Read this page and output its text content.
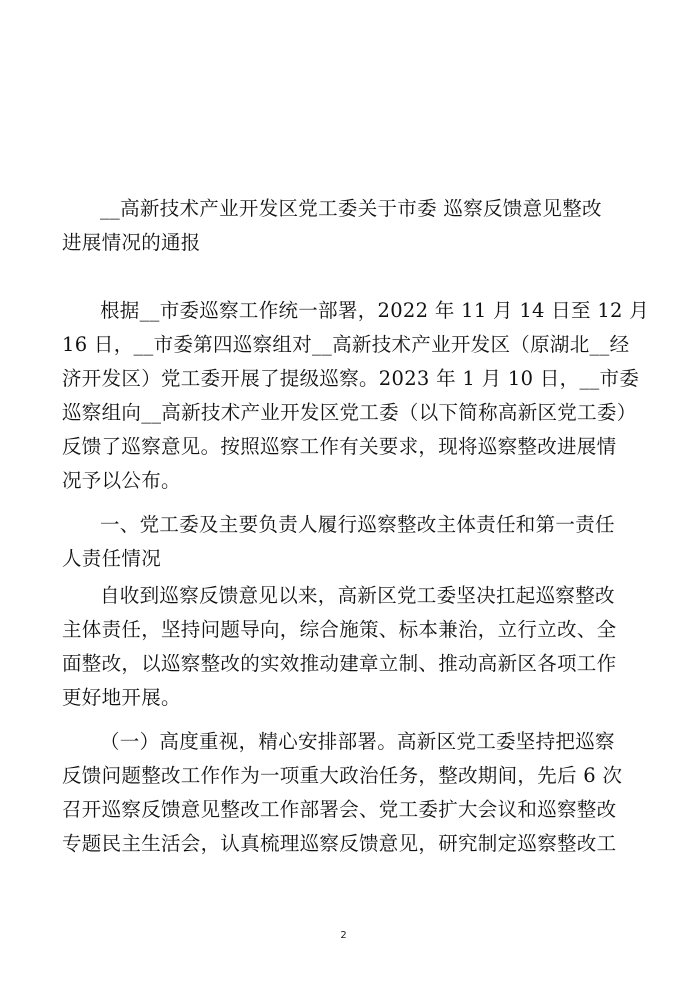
__高新技术产业开发区党工委关于市委 巡察反馈意见整改
进展情况的通报
根据__市委巡察工作统一部署，2022 年 11 月 14 日至 12 月
16 日，__市委第四巡察组对__高新技术产业开发区（原湖北__经
济开发区）党工委开展了提级巡察。2023 年 1 月 10 日，__市委
巡察组向__高新技术产业开发区党工委（以下简称高新区党工委）
反馈了巡察意见。按照巡察工作有关要求，现将巡察整改进展情
况予以公布。
一、党工委及主要负责人履行巡察整改主体责任和第一责任
人责任情况
自收到巡察反馈意见以来，高新区党工委坚决扛起巡察整改
主体责任，坚持问题导向，综合施策、标本兼治，立行立改、全
面整改，以巡察整改的实效推动建章立制、推动高新区各项工作
更好地开展。
（一）高度重视，精心安排部署。高新区党工委坚持把巡察
反馈问题整改工作作为一项重大政治任务，整改期间，先后 6 次
召开巡察反馈意见整改工作部署会、党工委扩大会议和巡察整改
专题民主生活会，认真梳理巡察反馈意见，研究制定巡察整改工
2
